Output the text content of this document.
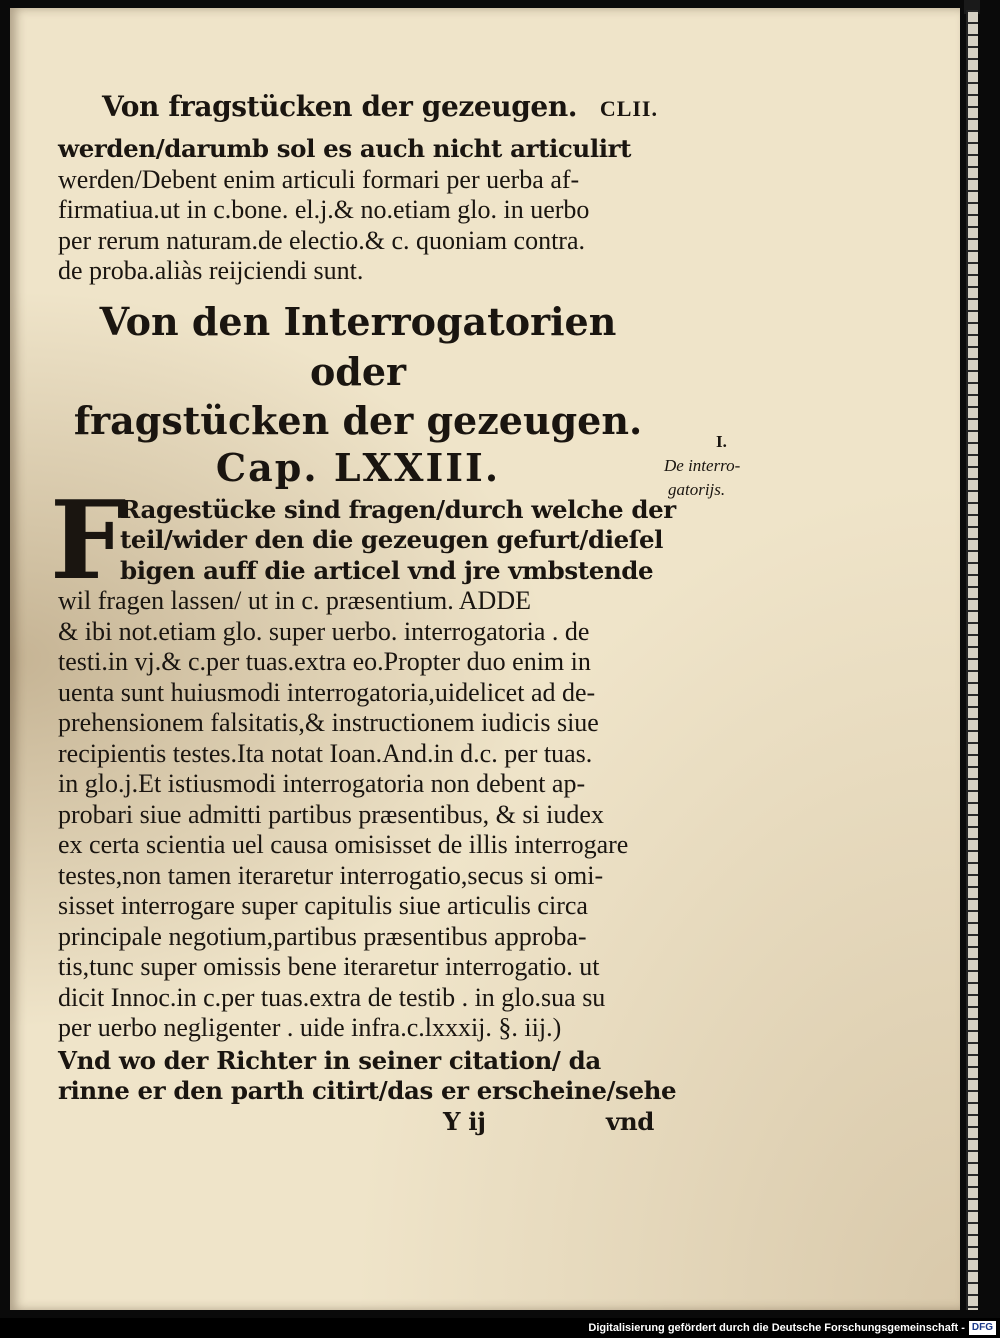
Von fragstücken der gezeugen. CLII.
werden/darumb sol es auch nicht articulirt
werden/Debent enim articuli formari per uerba af-
firmatiua.ut in c.bone. el.j.& no.etiam glo. in uerbo
per rerum naturam.de electio.& c. quoniam contra.
de proba.aliàs reijciendi sunt.
Von den Interrogatorien oder
fragstücken der gezeugen.
Cap. LXXIII.
F
Ragestücke sind fragen/durch welche der
teil/wider den die gezeugen gefurt/dieſel
bigen auff die articel vnd jre vmbstende
wil fragen lassen/ ut in c. præsentium. ADDE
& ibi not.etiam glo. super uerbo. interrogatoria . de
testi.in vj.& c.per tuas.extra eo.Propter duo enim in
uenta sunt huiusmodi interrogatoria,uidelicet ad de-
prehensionem falsitatis,& instructionem iudicis siue
recipientis testes.Ita notat Ioan.And.in d.c. per tuas.
in glo.j.Et istiusmodi interrogatoria non debent ap-
probari siue admitti partibus præsentibus, & si iudex
ex certa scientia uel causa omisisset de illis interrogare
testes,non tamen iteraretur interrogatio,secus si omi-
sisset interrogare super capitulis siue articulis circa
principale negotium,partibus præsentibus approba-
tis,tunc super omissis bene iteraretur interrogatio. ut
dicit Innoc.in c.per tuas.extra de testib . in glo.sua su
per uerbo negligenter . uide infra.c.lxxxij. §. iij.)
Vnd wo der Richter in seiner citation/ da
rinne er den parth citirt/das er erscheine/sehe
Y ij	vnd
I.
De interro-
gatorijs.
Digitalisierung gefördert durch die Deutsche Forschungsgemeinschaft - DFG
